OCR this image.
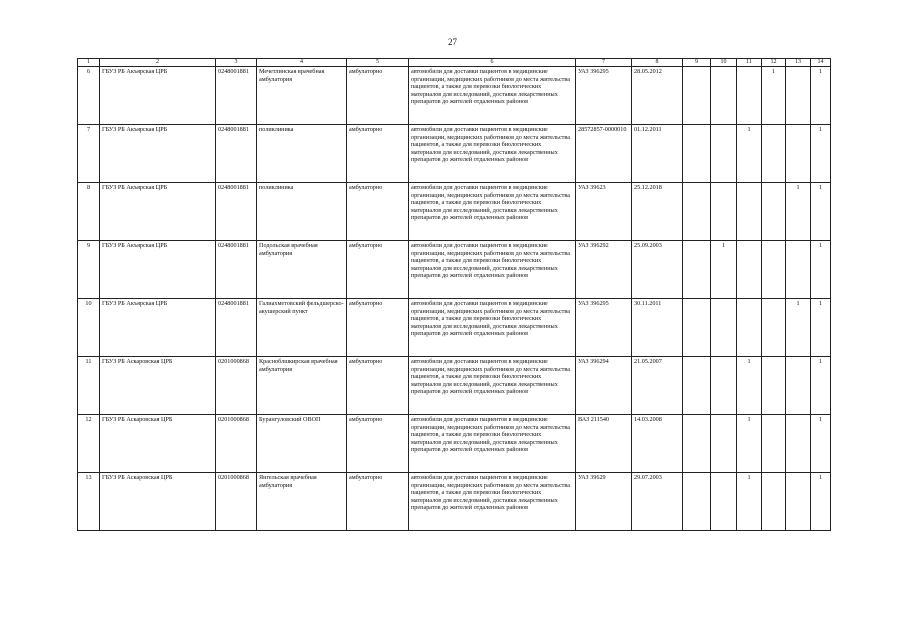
27
1	2	3	4	5	6	7	8	9	10	11	12	13	14
6	ГБУЗ РБ Акъярская ЦРБ	0248001881	Мечетлинская врачебная амбулатория	амбулаторно	автомобили для доставки пациентов в медицинские организации, медицинских работников до места жительства пациентов, а также для перевозки биологических материалов для исследований, доставки лекарственных препаратов до жителей отдаленных районов	УАЗ 396295	28.05.2012				1		1
7	ГБУЗ РБ Акъярская ЦРБ	0248001881	поликлиника	амбулаторно	автомобили для доставки пациентов в медицинские организации, медицинских работников до места жительства пациентов, а также для перевозки биологических материалов для исследований, доставки лекарственных препаратов до жителей отдаленных районов	28572857-0000010	01.12.2011			1			1
8	ГБУЗ РБ Акъярская ЦРБ	0248001881	поликлиника	амбулаторно	автомобили для доставки пациентов в медицинские организации, медицинских работников до места жительства пациентов, а также для перевозки биологических материалов для исследований, доставки лекарственных препаратов до жителей отдаленных районов	УАЗ 39623	25.12.2018					1	1
9	ГБУЗ РБ Акъярская ЦРБ	0248001881	Подольская врачебная амбулатория	амбулаторно	автомобили для доставки пациентов в медицинские организации, медицинских работников до места жительства пациентов, а также для перевозки биологических материалов для исследований, доставки лекарственных препаратов до жителей отдаленных районов	УАЗ 396292	25.09.2003		1				1
10	ГБУЗ РБ Акъярская ЦРБ	0248001881	Галиахметовский фельдшерско-акушерский пункт	амбулаторно	автомобили для доставки пациентов в медицинские организации, медицинских работников до места жительства пациентов, а также для перевозки биологических материалов для исследований, доставки лекарственных препаратов до жителей отдаленных районов	УАЗ 396295	30.11.2011					1	1
11	ГБУЗ РБ Аскаровская ЦРБ	0201000868	Красноблшкирская врачебная амбулатория	амбулаторно	автомобили для доставки пациентов в медицинские организации, медицинских работников до места жительства пациентов, а также для перевозки биологических материалов для исследований, доставки лекарственных препаратов до жителей отдаленных районов	УАЗ 396294	21.05.2007			1			1
12	ГБУЗ РБ Аскаровская ЦРБ	0201000868	Бурангуловский ОВОП	амбулаторно	автомобили для доставки пациентов в медицинские организации, медицинских работников до места жительства пациентов, а также для перевозки биологических материалов для исследований, доставки лекарственных препаратов до жителей отдаленных районов	ВАЗ 211540	14.03.2008			1			1
13	ГБУЗ РБ Аскаровская ЦРБ	0201000868	Янгельская врачебная амбулатория	амбулаторно	автомобили для доставки пациентов в медицинские организации, медицинских работников до места жительства пациентов, а также для перевозки биологических материалов для исследований, доставки лекарственных препаратов до жителей отдаленных районов	УАЗ 39629	29.07.2003			1			1
